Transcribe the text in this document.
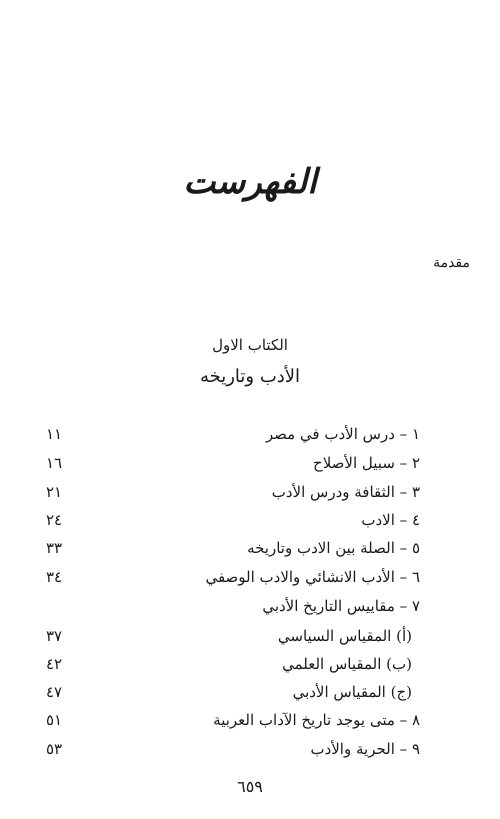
الفهرست
مقدمة
الكتاب الاول
الأدب وتاريخه
١ – درس الأدب في مصر
١١
٢ – سبيل الأصلاح
١٦
٣ – الثقافة ودرس الأدب
٢١
٤ – الادب
٢٤
٥ – الصلة بين الادب وتاريخه
٣٣
٦ – الأدب الانشائي والادب الوصفي
٣٤
٧ – مقاييس التاريخ الأدبي
(أ) المقياس السياسي
٣٧
(ب) المقياس العلمي
٤٢
(ج) المقياس الأدبي
٤٧
٨ – متى يوجد تاريخ الآداب العربية
٥١
٩ – الحرية والأدب
٥٣
٦٥٩
